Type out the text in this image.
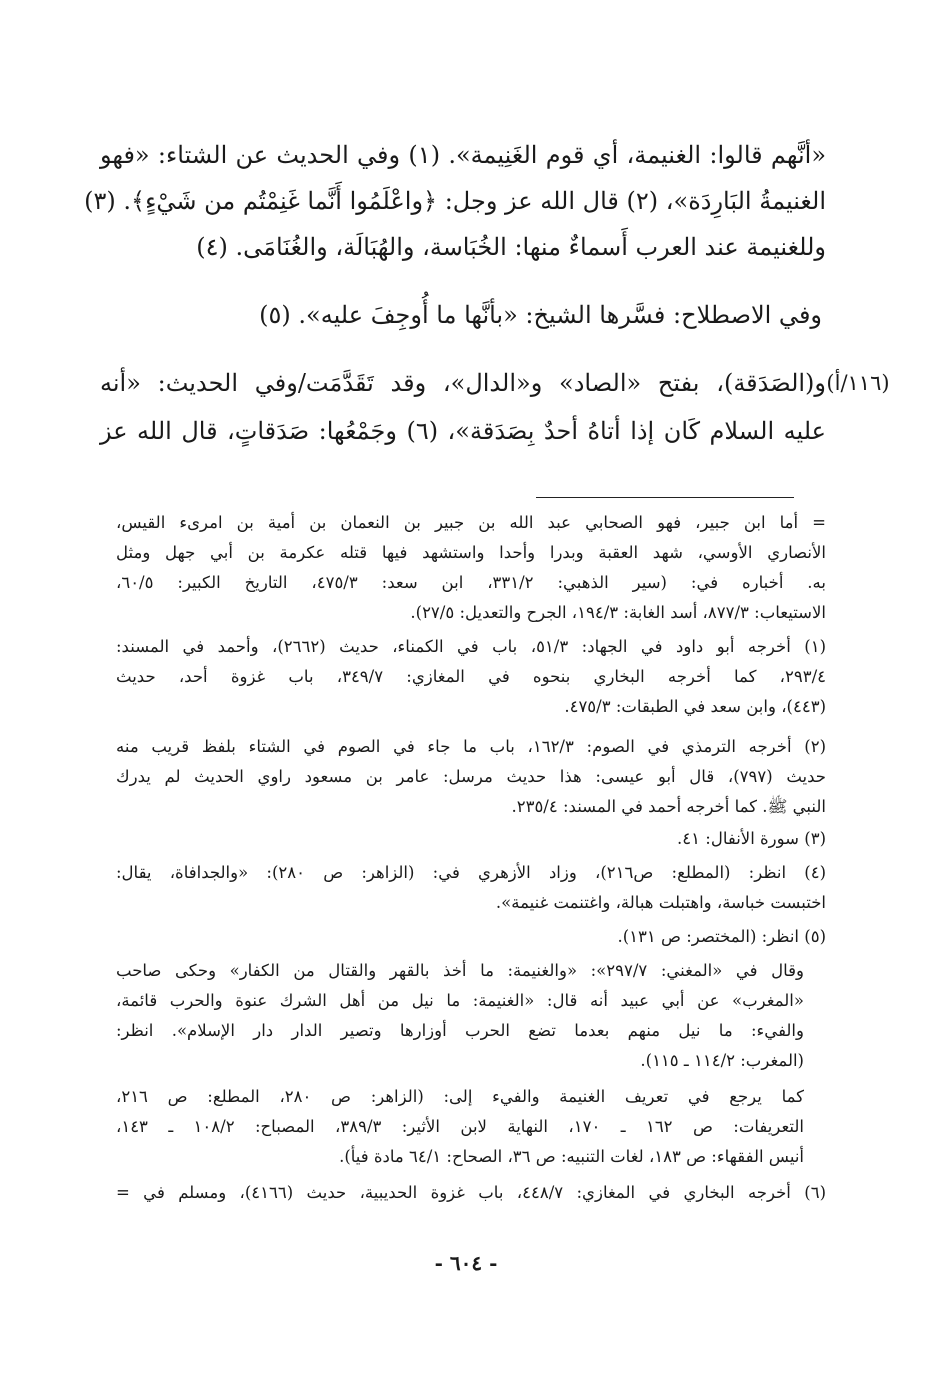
(١١٦/أ)
«أنَّهم قالوا: الغنيمة، أي قوم الغَنِيمة». (١) وفي الحديث عن الشتاء: «فهو
الغنيمةُ البَارِدَة»، (٢) قال الله عز وجل: ﴿واعْلَمُوا أَنَّما غَنِمْتُم من شَيْءٍ﴾. (٣)
وللغنيمة عند العرب أَسماءٌ منها: الخُبَاسة، والهُبَالَة، والغُنَامَى. (٤)
وفي الاصطلاح: فسَّرها الشيخ: «بأنَّها ما أُوجِفَ عليه». (٥)
و(الصَدَقة)، بفتح «الصاد» و«الدال»، وقد تَقَدَّمَت/وفي الحديث: «أنه
عليه السلام كَان إذا أتاهُ أحدٌ بِصَدَقة»، (٦) وجَمْعُها: صَدَقاتٍ، قال الله عز
= أما ابن جبير، فهو الصحابي عبد الله بن جبير بن النعمان بن أمية بن امرىء القيس،
الأنصاري الأوسي، شهد العقبة وبدرا وأحدا واستشهد فيها قتله عكرمة بن أبي جهل ومثل
به. أخباره في: (سير الذهبي: ٣٣١/٢، ابن سعد: ٤٧٥/٣، التاريخ الكبير: ٦٠/٥،
الاستيعاب: ٨٧٧/٣، أسد الغابة: ١٩٤/٣، الجرح والتعديل: ٢٧/٥).
(١) أخرجه أبو داود في الجهاد: ٥١/٣، باب في الكمناء، حديث (٢٦٦٢)، وأحمد في المسند:
٢٩٣/٤، كما أخرجه البخاري بنحوه في المغازي: ٣٤٩/٧، باب غزوة أحد، حديث
(٤٤٣)، وابن سعد في الطبقات: ٤٧٥/٣.
(٢) أخرجه الترمذي في الصوم: ١٦٢/٣، باب ما جاء في الصوم في الشتاء بلفظ قريب منه
حديث (٧٩٧)، قال أبو عيسى: هذا حديث مرسل: عامر بن مسعود راوي الحديث لم يدرك
النبي ﷺ. كما أخرجه أحمد في المسند: ٢٣٥/٤.
(٣) سورة الأنفال: ٤١.
(٤) انظر: (المطلع: ص٢١٦)، وزاد الأزهري في: (الزاهر: ص ٢٨٠): «والجدافاة، يقال:
اختبست خباسة، واهتبلت هبالة، واغتنمت غنيمة».
(٥) انظر: (المختصر: ص ١٣١).
وقال في «المغني: ٢٩٧/٧»: «والغنيمة: ما أخذ بالقهر والقتال من الكفار» وحكى صاحب
«المغرب» عن أبي عبيد أنه قال: «الغنيمة: ما نيل من أهل الشرك عنوة والحرب قائمة،
والفيء: ما نيل منهم بعدما تضع الحرب أوزارها وتصير الدار دار الإسلام». انظر:
(المغرب: ١١٤/٢ ـ ١١٥).
كما يرجع في تعريف الغنيمة والفيء إلى: (الزاهر: ص ٢٨٠، المطلع: ص ٢١٦،
التعريفات: ص ١٦٢ ـ ١٧٠، النهاية لابن الأثير: ٣٨٩/٣، المصباح: ١٠٨/٢ ـ ١٤٣،
أنيس الفقهاء: ص ١٨٣، لغات التنبيه: ص ٣٦، الصحاح: ٦٤/١ مادة فيأ).
(٦) أخرجه البخاري في المغازي: ٤٤٨/٧، باب غزوة الحديبية، حديث (٤١٦٦)، ومسلم في =
- ٦٠٤ -
